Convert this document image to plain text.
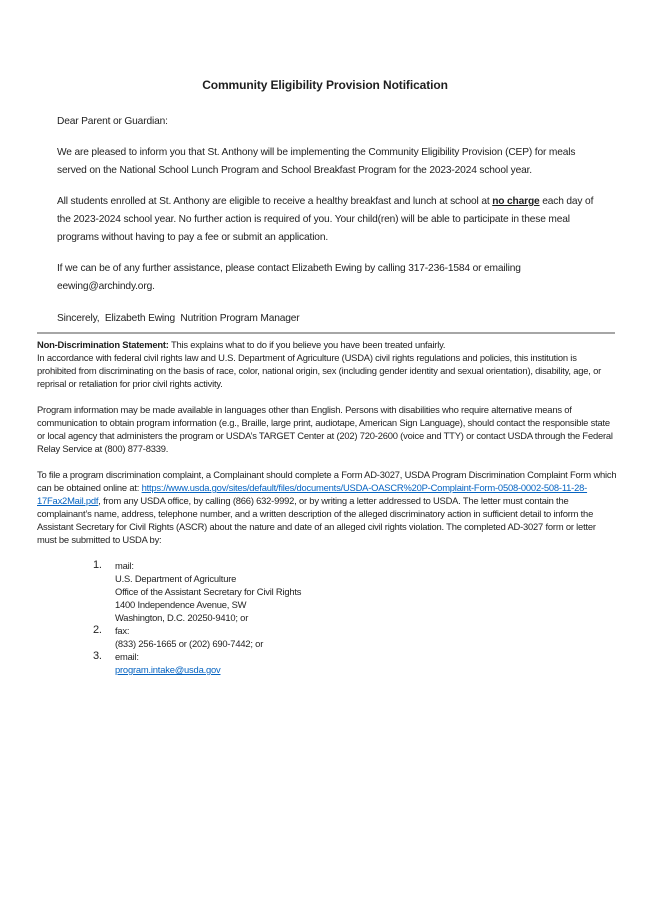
Community Eligibility Provision Notification

Dear Parent or Guardian:

We are pleased to inform you that St. Anthony will be implementing the Community Eligibility Provision (CEP) for meals served on the National School Lunch Program and School Breakfast Program for the 2023-2024 school year.

All students enrolled at St. Anthony are eligible to receive a healthy breakfast and lunch at school at no charge each day of the 2023-2024 school year. No further action is required of you. Your child(ren) will be able to participate in these meal programs without having to pay a fee or submit an application.

If we can be of any further assistance, please contact Elizabeth Ewing by calling 317-236-1584 or emailing eewing@archindy.org.

Sincerely,  Elizabeth Ewing  Nutrition Program Manager

Non-Discrimination Statement: This explains what to do if you believe you have been treated unfairly.
In accordance with federal civil rights law and U.S. Department of Agriculture (USDA) civil rights regulations and policies, this institution is prohibited from discriminating on the basis of race, color, national origin, sex (including gender identity and sexual orientation), disability, age, or reprisal or retaliation for prior civil rights activity.
Program information may be made available in languages other than English. Persons with disabilities who require alternative means of communication to obtain program information (e.g., Braille, large print, audiotape, American Sign Language), should contact the responsible state or local agency that administers the program or USDA’s TARGET Center at (202) 720-2600 (voice and TTY) or contact USDA through the Federal Relay Service at (800) 877-8339.
To file a program discrimination complaint, a Complainant should complete a Form AD-3027, USDA Program Discrimination Complaint Form which can be obtained online at: https://www.usda.gov/sites/default/files/documents/USDA-OASCR%20P-Complaint-Form-0508-0002-508-11-28-17Fax2Mail.pdf, from any USDA office, by calling (866) 632-9992, or by writing a letter addressed to USDA. The letter must contain the complainant’s name, address, telephone number, and a written description of the alleged discriminatory action in sufficient detail to inform the Assistant Secretary for Civil Rights (ASCR) about the nature and date of an alleged civil rights violation. The completed AD-3027 form or letter must be submitted to USDA by:
1.	mail:
U.S. Department of Agriculture
Office of the Assistant Secretary for Civil Rights
1400 Independence Avenue, SW
Washington, D.C. 20250-9410; or
2.	fax:
(833) 256-1665 or (202) 690-7442; or
3.	email:
program.intake@usda.gov
